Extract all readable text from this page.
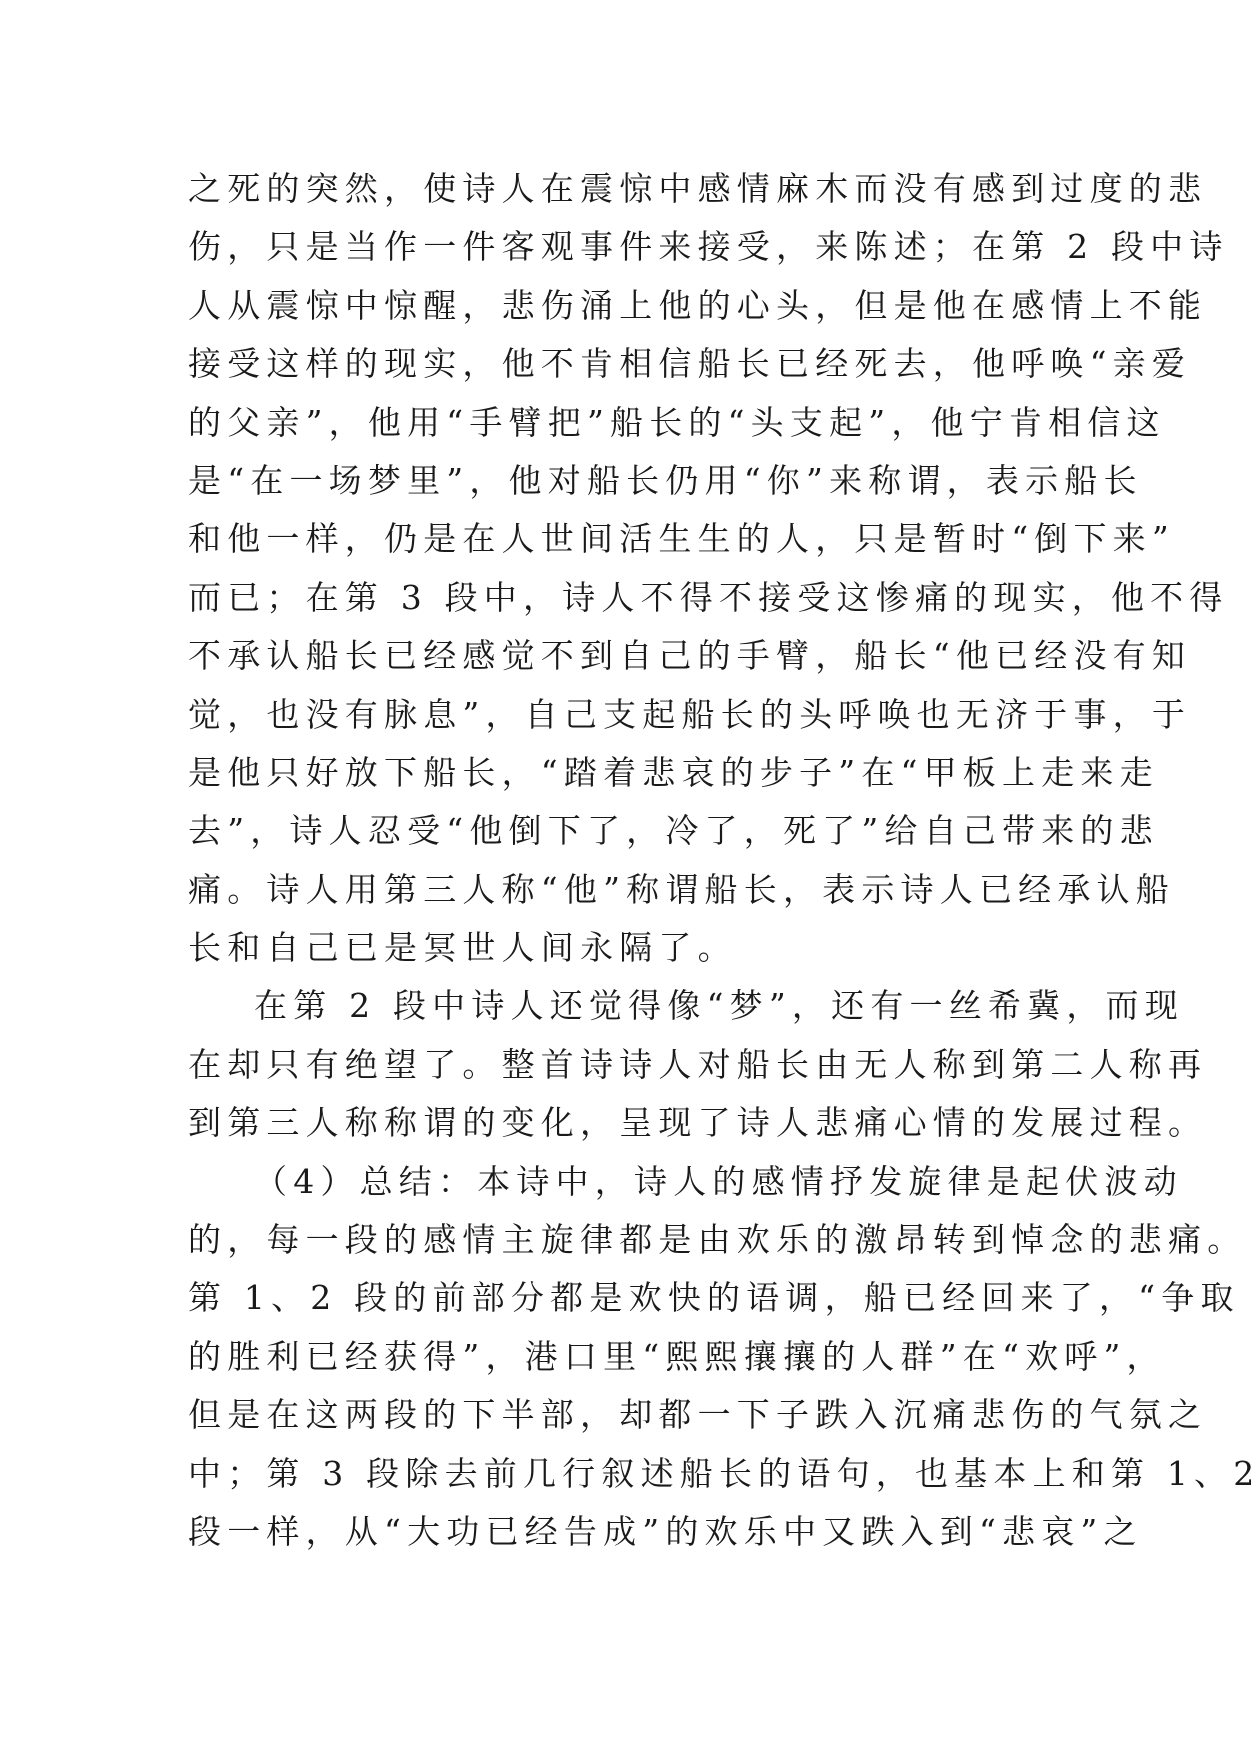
之死的突然，使诗人在震惊中感情麻木而没有感到过度的悲
伤，只是当作一件客观事件来接受，来陈述；在第 2 段中诗
人从震惊中惊醒，悲伤涌上他的心头，但是他在感情上不能
接受这样的现实，他不肯相信船长已经死去，他呼唤“亲爱
的父亲”，他用“手臂把”船长的“头支起”，他宁肯相信这
是“在一场梦里”，他对船长仍用“你”来称谓，表示船长
和他一样，仍是在人世间活生生的人，只是暂时“倒下来”
而已；在第 3 段中，诗人不得不接受这惨痛的现实，他不得
不承认船长已经感觉不到自己的手臂，船长“他已经没有知
觉，也没有脉息”，自己支起船长的头呼唤也无济于事，于
是他只好放下船长，“踏着悲哀的步子”在“甲板上走来走
去”，诗人忍受“他倒下了，冷了，死了”给自己带来的悲
痛。诗人用第三人称“他”称谓船长，表示诗人已经承认船
长和自己已是冥世人间永隔了。
在第 2 段中诗人还觉得像“梦”，还有一丝希冀，而现
在却只有绝望了。整首诗诗人对船长由无人称到第二人称再
到第三人称称谓的变化，呈现了诗人悲痛心情的发展过程。
（4）总结：本诗中，诗人的感情抒发旋律是起伏波动
的，每一段的感情主旋律都是由欢乐的激昂转到悼念的悲痛。
第 1、2 段的前部分都是欢快的语调，船已经回来了，“争取
的胜利已经获得”，港口里“熙熙攘攘的人群”在“欢呼”，
但是在这两段的下半部，却都一下子跌入沉痛悲伤的气氛之
中；第 3 段除去前几行叙述船长的语句，也基本上和第 1、2
段一样，从“大功已经告成”的欢乐中又跌入到“悲哀”之
